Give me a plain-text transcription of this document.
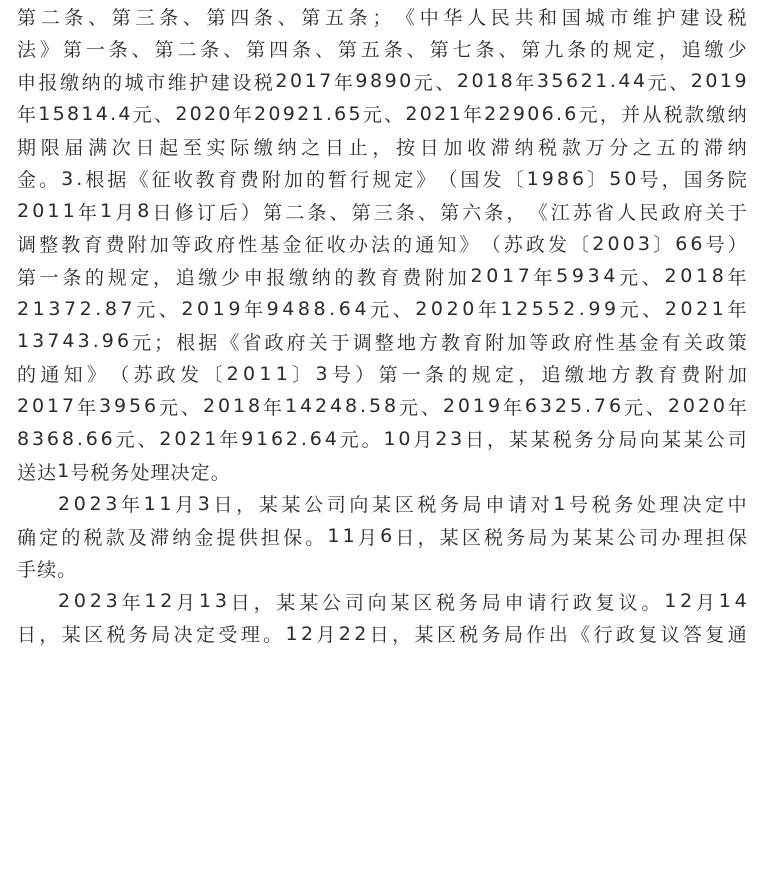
第 二 条 、 第 三 条 、 第 四 条 、 第 五 条 ； 《 中 华 人 民 共 和 国 城 市 维 护 建 设 税
法 》 第 一 条 、 第 二 条 、 第 四 条 、 第 五 条 、 第 七 条 、 第 九 条 的 规 定 ， 追 缴 少
申 报 缴 纳 的 城 市 维 护 建 设 税 2 0 1 7 年 9 8 9 0 元 、 2 0 1 8 年 3 5 6 2 1 . 4 4 元 、 2 0 1 9
年 1 5 8 1 4 . 4 元 、 2 0 2 0 年 2 0 9 2 1 . 6 5 元 、 2 0 2 1 年 2 2 9 0 6 . 6 元 ， 并 从 税 款 缴 纳
期 限 届 满 次 日 起 至 实 际 缴 纳 之 日 止 ， 按 日 加 收 滞 纳 税 款 万 分 之 五 的 滞 纳
金 。 3 . 根 据 《 征 收 教 育 费 附 加 的 暂 行 规 定 》 （ 国 发 〔 1 9 8 6 〕 5 0 号 ， 国 务 院
2 0 1 1 年 1 月 8 日 修 订 后 ） 第 二 条 、 第 三 条 、 第 六 条 ， 《 江 苏 省 人 民 政 府 关 于
调 整 教 育 费 附 加 等 政 府 性 基 金 征 收 办 法 的 通 知 》 （ 苏 政 发 〔 2 0 0 3 〕 6 6 号 ）
第 一 条 的 规 定 ， 追 缴 少 申 报 缴 纳 的 教 育 费 附 加 2 0 1 7 年 5 9 3 4 元 、 2 0 1 8 年
2 1 3 7 2 . 8 7 元 、 2 0 1 9 年 9 4 8 8 . 6 4 元 、 2 0 2 0 年 1 2 5 5 2 . 9 9 元 、 2 0 2 1 年
1 3 7 4 3 . 9 6 元 ； 根 据 《 省 政 府 关 于 调 整 地 方 教 育 附 加 等 政 府 性 基 金 有 关 政 策
的 通 知 》 （ 苏 政 发 〔 2 0 1 1 〕 3 号 ） 第 一 条 的 规 定 ， 追 缴 地 方 教 育 费 附 加
2 0 1 7 年 3 9 5 6 元 、 2 0 1 8 年 1 4 2 4 8 . 5 8 元 、 2 0 1 9 年 6 3 2 5 . 7 6 元 、 2 0 2 0 年
8 3 6 8 . 6 6 元 、 2 0 2 1 年 9 1 6 2 . 6 4 元 。 1 0 月 2 3 日 ， 某 某 税 务 分 局 向 某 某 公 司
送 达 1 号 税 务 处 理 决 定 。
2 0 2 3 年 1 1 月 3 日 ， 某 某 公 司 向 某 区 税 务 局 申 请 对 1 号 税 务 处 理 决 定 中
确 定 的 税 款 及 滞 纳 金 提 供 担 保 。 1 1 月 6 日 ， 某 区 税 务 局 为 某 某 公 司 办 理 担 保
手 续 。
2 0 2 3 年 1 2 月 1 3 日 ， 某 某 公 司 向 某 区 税 务 局 申 请 行 政 复 议 。 1 2 月 1 4
日 ， 某 区 税 务 局 决 定 受 理 。 1 2 月 2 2 日 ， 某 区 税 务 局 作 出 《 行 政 复 议 答 复 通
